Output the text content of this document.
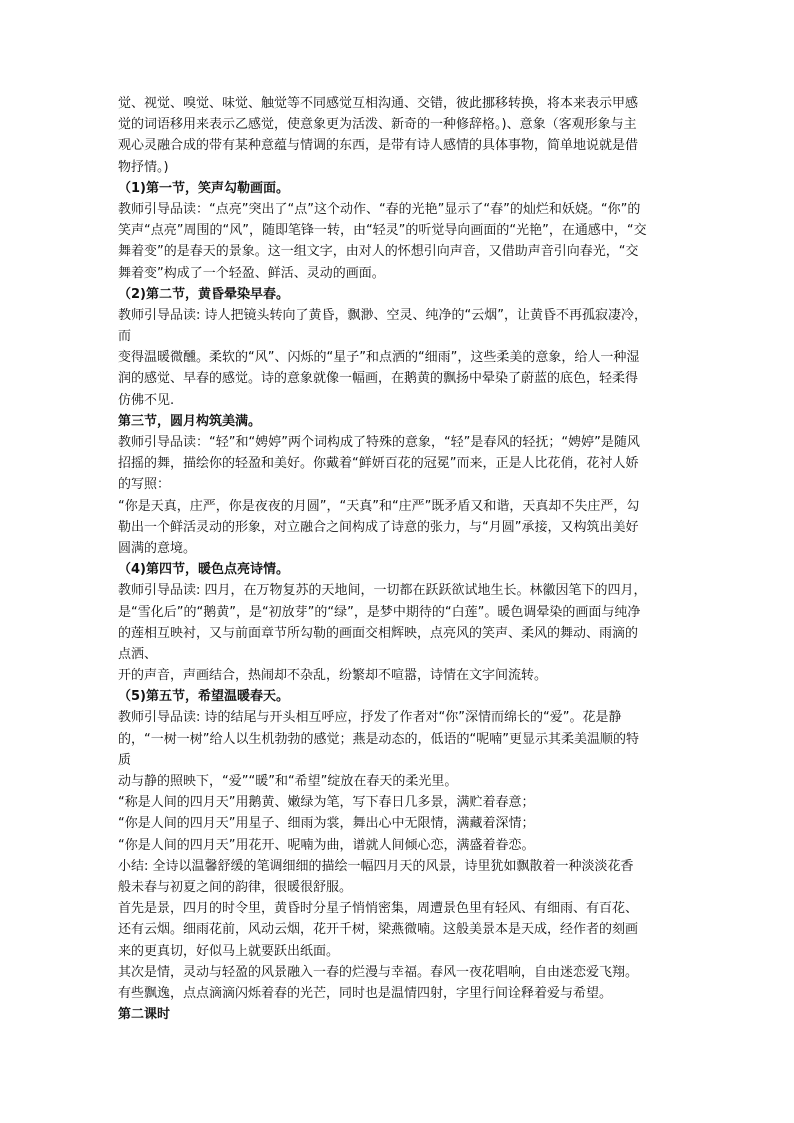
觉、视觉、嗅觉、味觉、触觉等不同感觉互相沟通、交错，彼此挪移转换，将本来表示甲感
觉的词语移用来表示乙感觉，使意象更为活泼、新奇的一种修辞格。)、意象（客观形象与主
观心灵融合成的带有某种意蕴与情调的东西，是带有诗人感情的具体事物，简单地说就是借
物抒情。)
（1)第一节，笑声勾勒画面。
教师引导品读：“点亮”突出了“点”这个动作、“春的光艳”显示了“春”的灿烂和妖娆。“你”的
笑声“点亮”周围的“风”，随即笔锋一转，由“轻灵”的听觉导向画面的“光艳”，在通感中，“交
舞着变”的是春天的景象。这一组文字，由对人的怀想引向声音，又借助声音引向春光，“交
舞着变”构成了一个轻盈、鲜活、灵动的画面。
（2)第二节，黄昏晕染早春。
教师引导品读: 诗人把镜头转向了黄昏，飘渺、空灵、纯净的“云烟”，让黄昏不再孤寂凄冷，
而
变得温暖微醺。柔软的“风”、闪烁的“星子”和点洒的“细雨”，这些柔美的意象，给人一种湿
润的感觉、早春的感觉。诗的意象就像一幅画，在鹅黄的飘扬中晕染了蔚蓝的底色，轻柔得
仿佛不见.
第三节，圆月构筑美满。
教师引导品读：“轻”和“娉婷”两个词构成了特殊的意象，“轻”是春风的轻抚；“娉婷”是随风
招摇的舞，描绘你的轻盈和美好。你戴着“鲜妍百花的冠冕”而来，正是人比花俏，花衬人娇
的写照：
“你是天真，庄严，你是夜夜的月圆”，“天真”和“庄严”既矛盾又和谐，天真却不失庄严，勾
勒出一个鲜活灵动的形象，对立融合之间构成了诗意的张力，与“月圆”承接，又构筑出美好
圆满的意境。
（4)第四节，暖色点亮诗情。
教师引导品读: 四月，在万物复苏的天地间，一切都在跃跃欲试地生长。林徽因笔下的四月，
是“雪化后”的“鹅黄”，是“初放芽”的“绿”，是梦中期待的“白莲”。暖色调晕染的画面与纯净
的莲相互映衬，又与前面章节所勾勒的画面交相辉映，点亮风的笑声、柔风的舞动、雨滴的
点洒、
开的声音，声画结合，热闹却不杂乱，纷繁却不喧嚣，诗情在文字间流转。
（5)第五节，希望温暖春天。
教师引导品读: 诗的结尾与开头相互呼应，抒发了作者对“你”深情而绵长的“爱”。花是静
的，“一树一树”给人以生机勃勃的感觉；燕是动态的，低语的“呢喃”更显示其柔美温顺的特
质
动与静的照映下，“爱”“暖”和“希望”绽放在春天的柔光里。
“称是人间的四月天”用鹅黄、嫩绿为笔，写下春日几多景，满贮着春意；
“你是人间的四月天”用星子、细雨为裳，舞出心中无限情，满藏着深情；
“你是人间的四月天”用花开、呢喃为曲，谱就人间倾心恋，满盛着眷恋。
小结: 全诗以温馨舒缓的笔调细细的描绘一幅四月天的风景，诗里犹如飘散着一种淡淡花香
般未春与初夏之间的韵律，很暖很舒服。
首先是景，四月的时令里，黄昏时分星子悄悄密集，周遭景色里有轻风、有细雨、有百花、
还有云烟。细雨花前，风动云烟，花开千树，梁燕微喃。这般美景本是天成，经作者的刻画
来的更真切，好似马上就要跃出纸面。
其次是情，灵动与轻盈的风景融入一春的烂漫与幸福。春风一夜花唱响，自由迷恋爱飞翔。
有些飘逸，点点滴滴闪烁着春的光芒，同时也是温情四射，字里行间诠释着爱与希望。
第二课时
